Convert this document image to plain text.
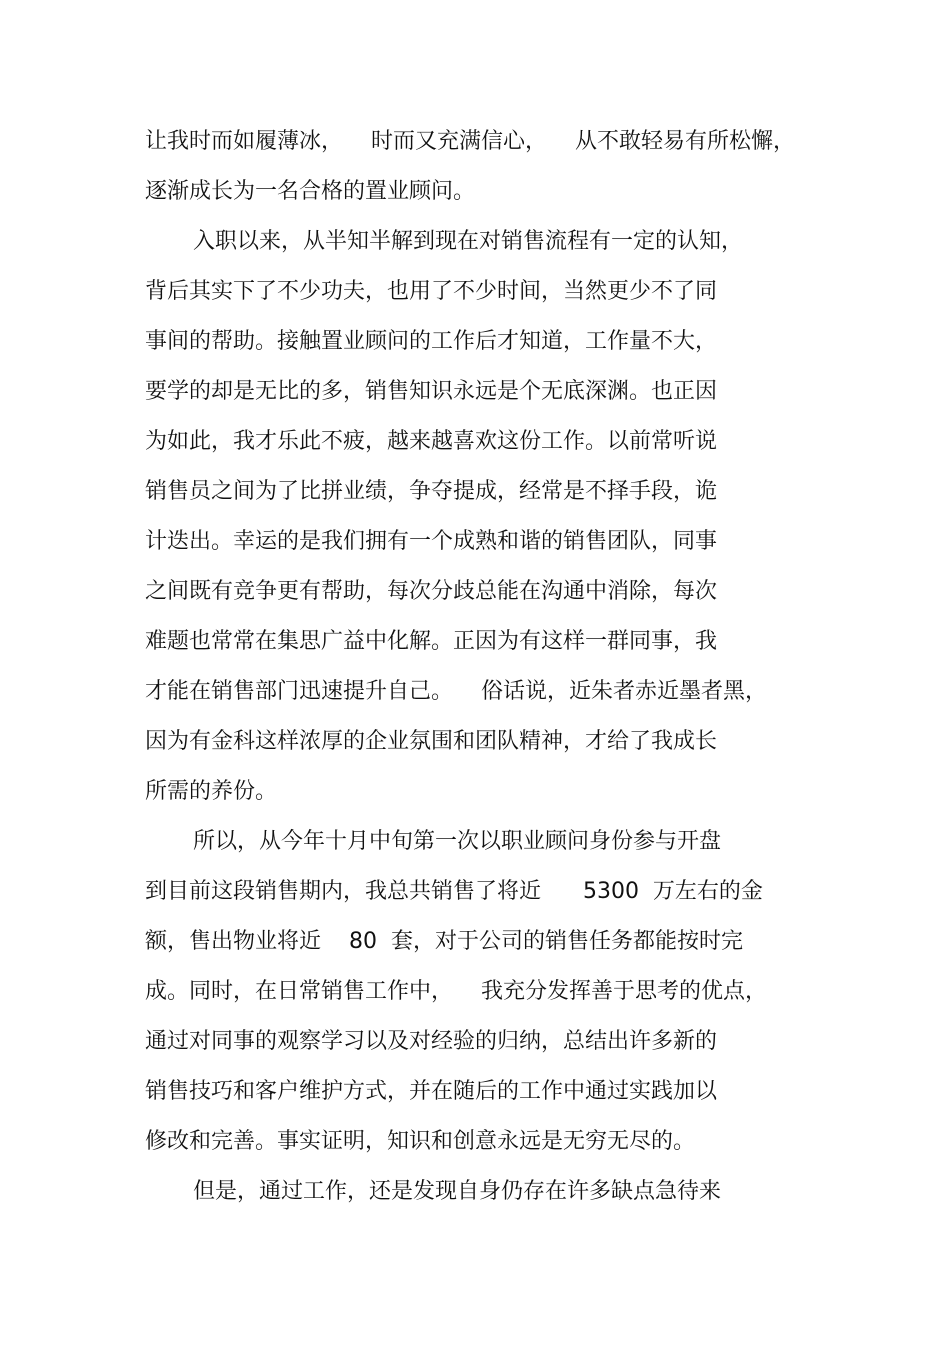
让我时而如履薄冰，    时而又充满信心，    从不敢轻易有所松懈，
逐渐成长为一名合格的置业顾问。
入职以来，从半知半解到现在对销售流程有一定的认知，
背后其实下了不少功夫，也用了不少时间，当然更少不了同
事间的帮助。接触置业顾问的工作后才知道，工作量不大，
要学的却是无比的多，销售知识永远是个无底深渊。也正因
为如此，我才乐此不疲，越来越喜欢这份工作。以前常听说
销售员之间为了比拼业绩，争夺提成，经常是不择手段，诡
计迭出。幸运的是我们拥有一个成熟和谐的销售团队，同事
之间既有竞争更有帮助，每次分歧总能在沟通中消除，每次
难题也常常在集思广益中化解。正因为有这样一群同事，我
才能在销售部门迅速提升自己。    俗话说，近朱者赤近墨者黑，
因为有金科这样浓厚的企业氛围和团队精神，才给了我成长
所需的养份。
所以，从今年十月中旬第一次以职业顾问身份参与开盘
到目前这段销售期内，我总共销售了将近      5300  万左右的金
额，售出物业将近    80  套，对于公司的销售任务都能按时完
成。同时，在日常销售工作中，    我充分发挥善于思考的优点，
通过对同事的观察学习以及对经验的归纳，总结出许多新的
销售技巧和客户维护方式，并在随后的工作中通过实践加以
修改和完善。事实证明，知识和创意永远是无穷无尽的。
但是，通过工作，还是发现自身仍存在许多缺点急待来
